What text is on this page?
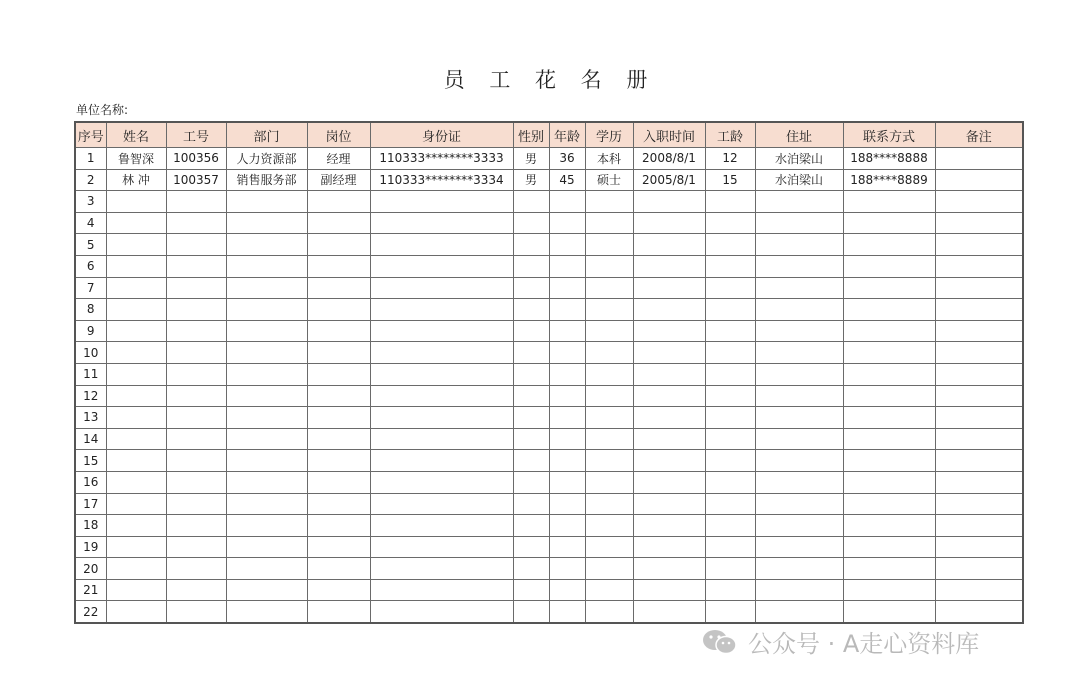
员 工 花 名 册
单位名称:
序号	姓名	工号	部门	岗位	身份证	性别	年龄	学历	入职时间	工龄	住址	联系方式	备注
1	鲁智深	100356	人力资源部	经理	110333********3333	男	36	本科	2008/8/1	12	水泊梁山	188****8888	
2	林 冲	100357	销售服务部	副经理	110333********3334	男	45	硕士	2005/8/1	15	水泊梁山	188****8889	
3													
4													
5													
6													
7													
8													
9													
10													
11													
12													
13													
14													
15													
16													
17													
18													
19													
20													
21													
22													
公众号 · A走心资料库
